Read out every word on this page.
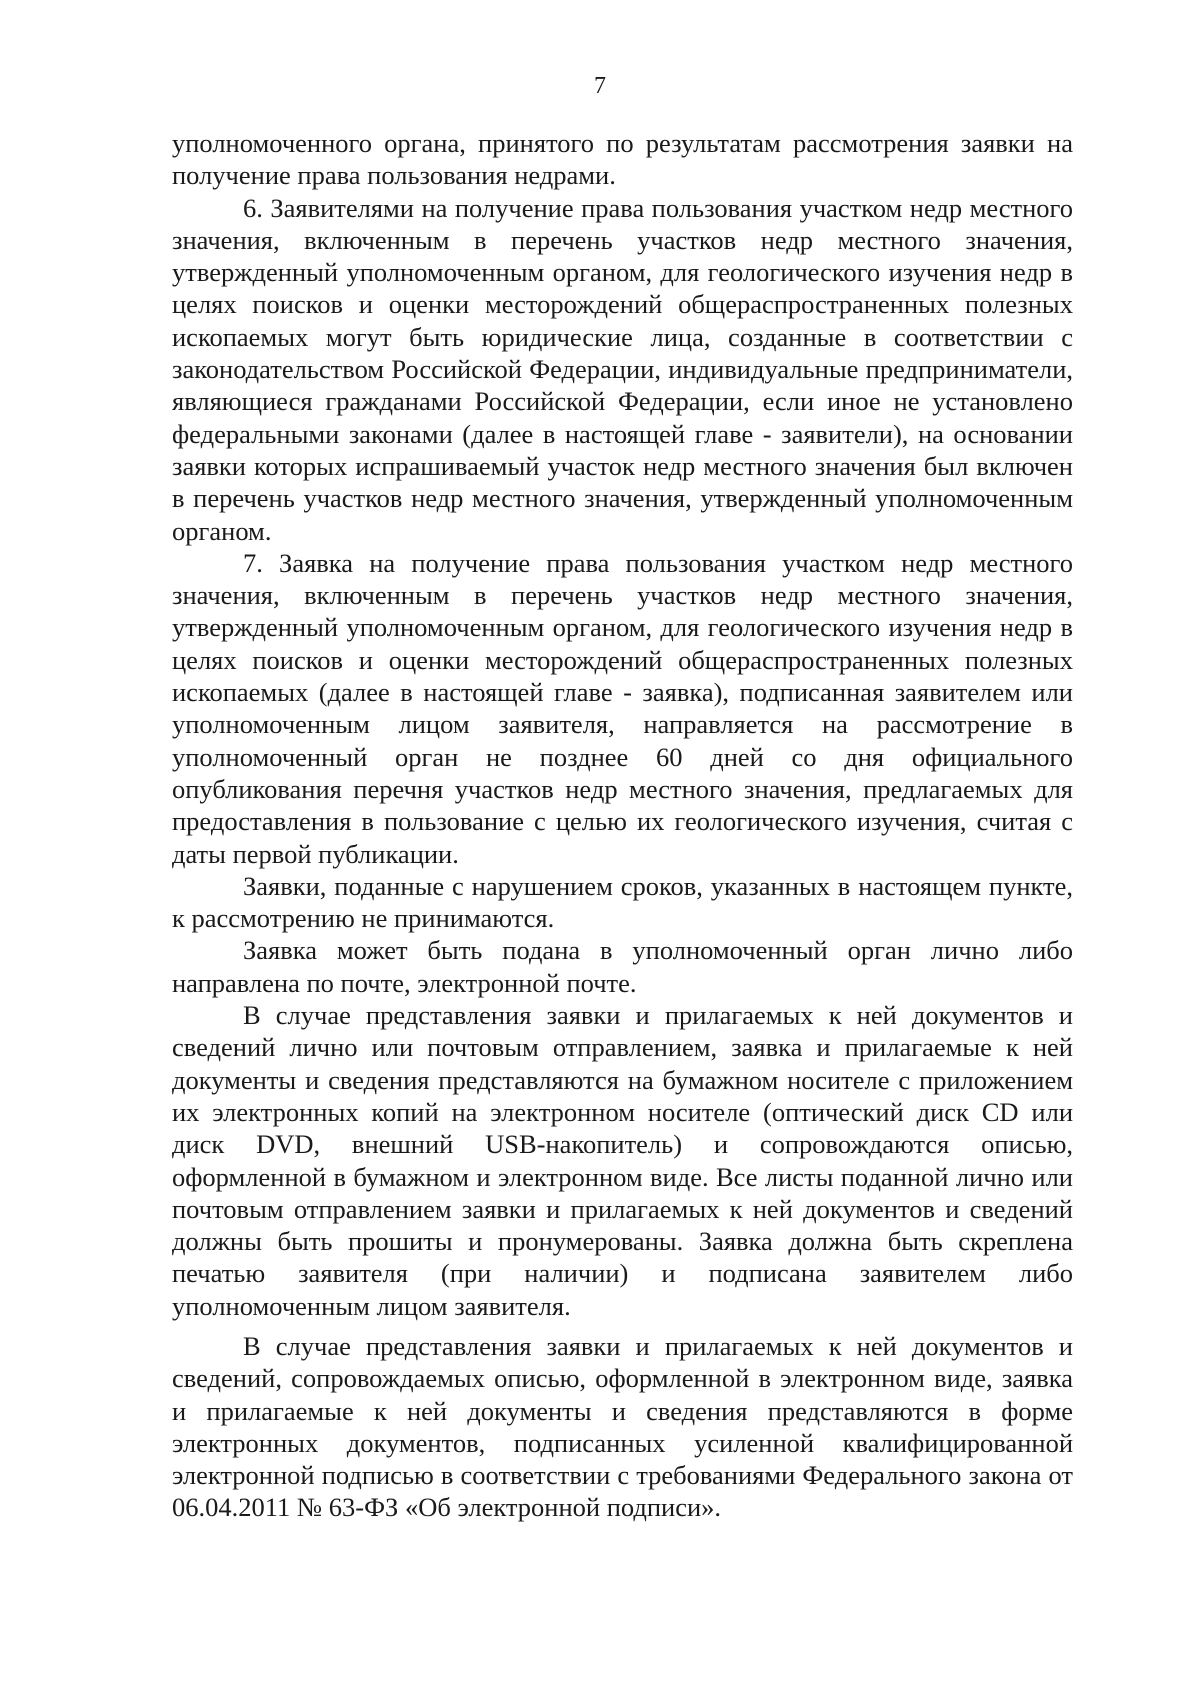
7

уполномоченного органа, принятого по результатам рассмотрения заявки на получение права пользования недрами.

6. Заявителями на получение права пользования участком недр местного значения, включенным в перечень участков недр местного значения, утвержденный уполномоченным органом, для геологического изучения недр в целях поисков и оценки месторождений общераспространенных полезных ископаемых могут быть юридические лица, созданные в соответствии с законодательством Российской Федерации, индивидуальные предприниматели, являющиеся гражданами Российской Федерации, если иное не установлено федеральными законами (далее в настоящей главе - заявители), на основании заявки которых испрашиваемый участок недр местного значения был включен в перечень участков недр местного значения, утвержденный уполномоченным органом.

7. Заявка на получение права пользования участком недр местного значения, включенным в перечень участков недр местного значения, утвержденный уполномоченным органом, для геологического изучения недр в целях поисков и оценки месторождений общераспространенных полезных ископаемых (далее в настоящей главе - заявка), подписанная заявителем или уполномоченным лицом заявителя, направляется на рассмотрение в уполномоченный орган не позднее 60 дней со дня официального опубликования перечня участков недр местного значения, предлагаемых для предоставления в пользование с целью их геологического изучения, считая с даты первой публикации.

Заявки, поданные с нарушением сроков, указанных в настоящем пункте, к рассмотрению не принимаются.

Заявка может быть подана в уполномоченный орган лично либо направлена по почте, электронной почте.

В случае представления заявки и прилагаемых к ней документов и сведений лично или почтовым отправлением, заявка и прилагаемые к ней документы и сведения представляются на бумажном носителе с приложением их электронных копий на электронном носителе (оптический диск CD или диск DVD, внешний USB-накопитель) и сопровождаются описью, оформленной в бумажном и электронном виде. Все листы поданной лично или почтовым отправлением заявки и прилагаемых к ней документов и сведений должны быть прошиты и пронумерованы. Заявка должна быть скреплена печатью заявителя (при наличии) и подписана заявителем либо уполномоченным лицом заявителя.

В случае представления заявки и прилагаемых к ней документов и сведений, сопровождаемых описью, оформленной в электронном виде, заявка и прилагаемые к ней документы и сведения представляются в форме электронных документов, подписанных усиленной квалифицированной электронной подписью в соответствии с требованиями Федерального закона от 06.04.2011 № 63-ФЗ «Об электронной подписи».
